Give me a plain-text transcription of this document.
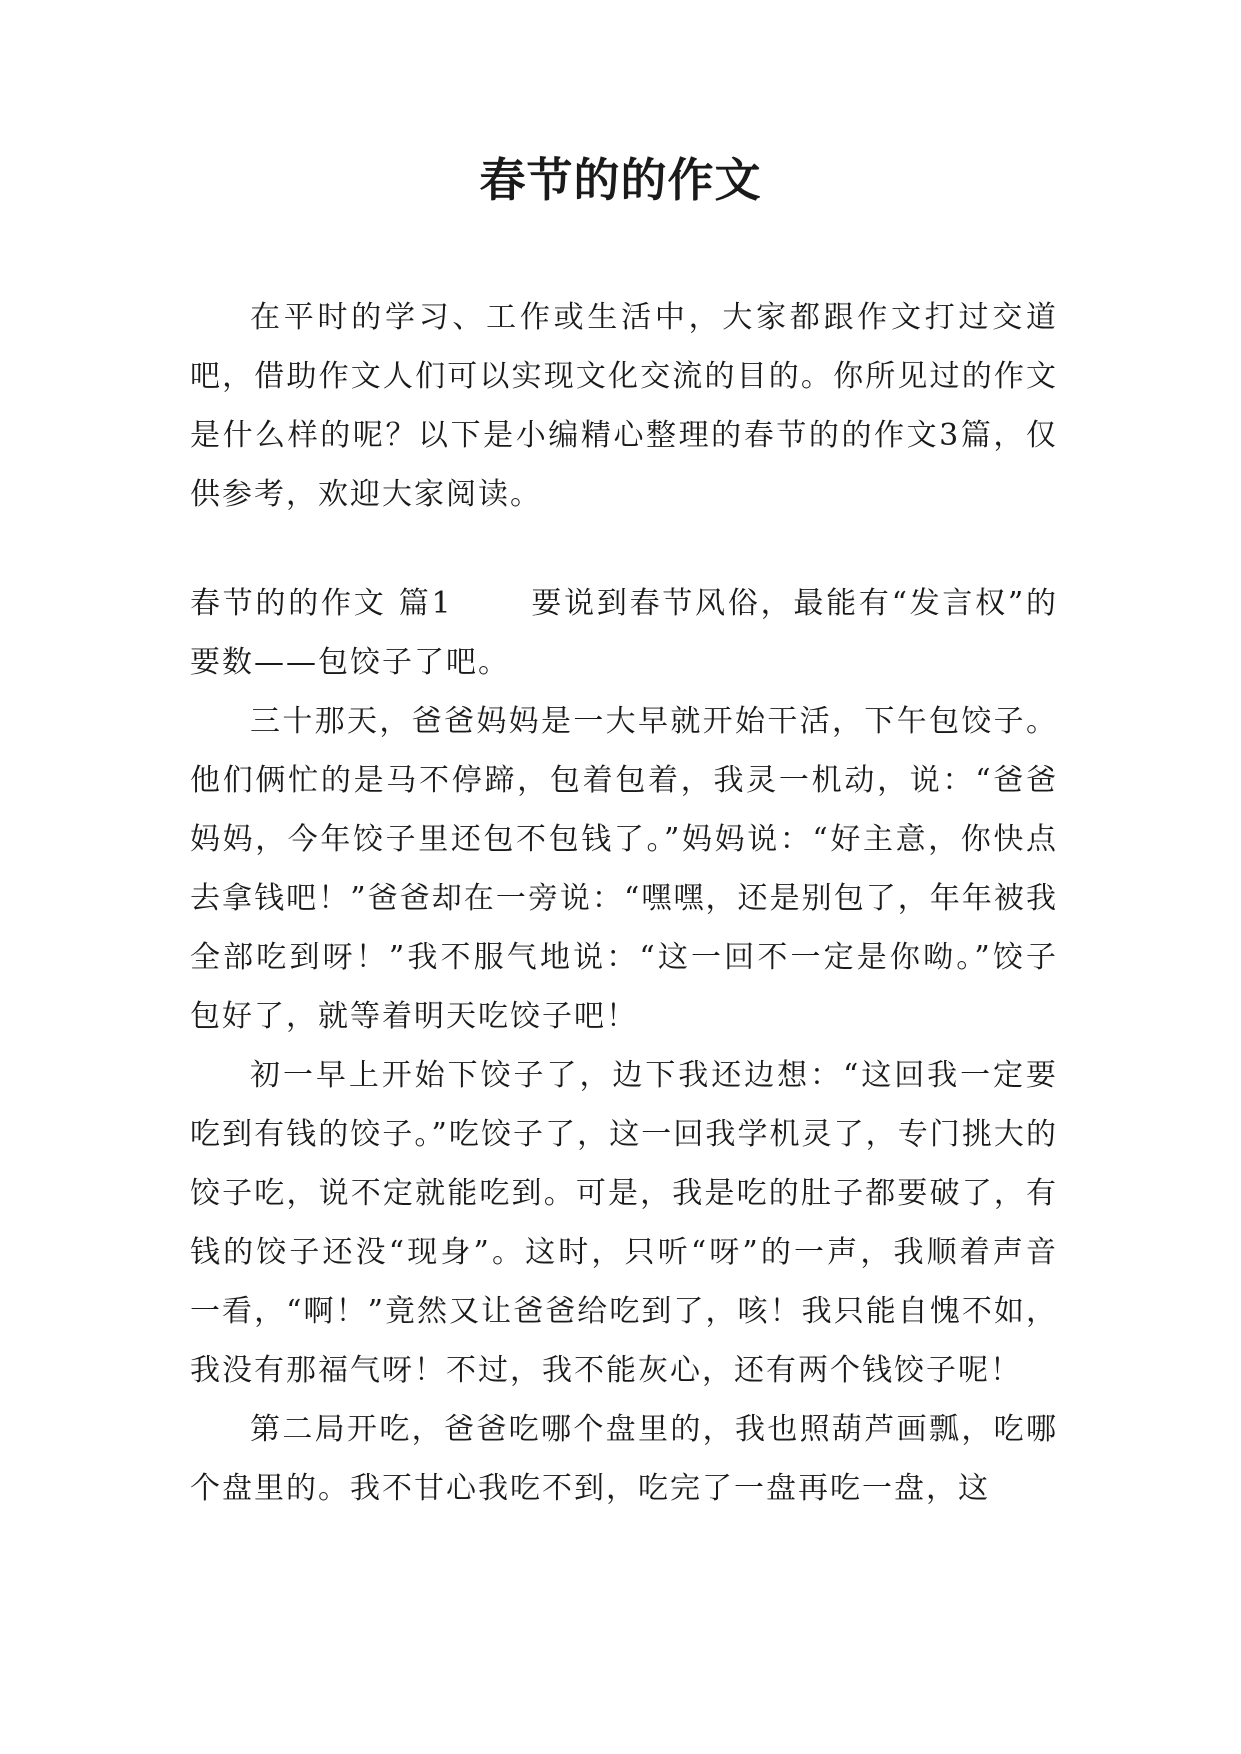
春节的的作文

在平时的学习、工作或生活中，大家都跟作文打过交道吧，借助作文人们可以实现文化交流的目的。你所见过的作文是什么样的呢？以下是小编精心整理的春节的的作文3篇，仅供参考，欢迎大家阅读。

春节的的作文 篇1	要说到春节风俗，最能有“发言权”的要数——包饺子了吧。

三十那天，爸爸妈妈是一大早就开始干活，下午包饺子。他们俩忙的是马不停蹄，包着包着，我灵一机动，说：“爸爸妈妈，今年饺子里还包不包钱了。”妈妈说：“好主意，你快点去拿钱吧！”爸爸却在一旁说：“嘿嘿，还是别包了，年年被我全部吃到呀！”我不服气地说：“这一回不一定是你呦。”饺子包好了，就等着明天吃饺子吧！

初一早上开始下饺子了，边下我还边想：“这回我一定要吃到有钱的饺子。”吃饺子了，这一回我学机灵了，专门挑大的饺子吃，说不定就能吃到。可是，我是吃的肚子都要破了，有钱的饺子还没“现身”。这时，只听“呀”的一声，我顺着声音一看，“啊！”竟然又让爸爸给吃到了，咳！我只能自愧不如，我没有那福气呀！不过，我不能灰心，还有两个钱饺子呢！

第二局开吃，爸爸吃哪个盘里的，我也照葫芦画瓢，吃哪个盘里的。我不甘心我吃不到，吃完了一盘再吃一盘，这
